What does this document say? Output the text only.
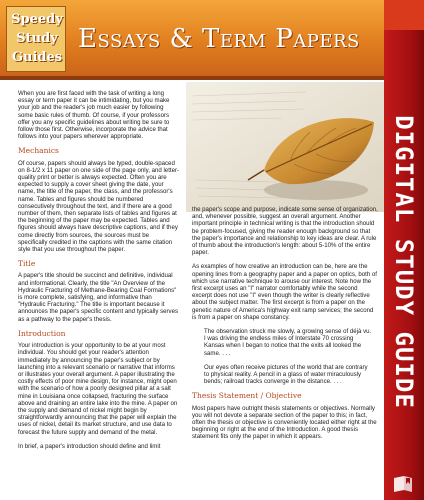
Speedy
Study
Guides
Essays & Term Papers
DIGITAL STUDY GUIDE

When you are first faced with the task of writing a long essay or term paper it can be intimidating, but you make your job and the reader's job much easier by following some basic rules of thumb. Of course, if your professors offer you any specific guidelines about writing be sure to follow those first. Otherwise, incorporate the advice that follows into your papers wherever appropriate.

Mechanics

Of course, papers should always be typed, double-spaced on 8-1/2 x 11 paper on one side of the page only, and letter-quality print or better is always expected. Often you are expected to supply a cover sheet giving the date, your name, the title of the paper, the class, and the professor's name. Tables and figures should be numbered consecutively throughout the text, and if there are a good number of them, then separate lists of tables and figures at the beginning of the paper may be expected. Tables and figures should always have descriptive captions, and if they come directly from sources, the sources must be specifically credited in the captions with the same citation style that you use throughout the paper.

Title

A paper's title should be succinct and definitive, individual and informational. Clearly, the title "An Overview of the Hydraulic Fracturing of Methane-Bearing Coal Formations" is more complete, satisfying, and informative than "Hydraulic Fracturing." The title is important because it announces the paper's specific content and typically serves as a pathway to the paper's thesis.

Introduction

Your introduction is your opportunity to be at your most individual. You should get your reader's attention immediately by announcing the paper's subject or by launching into a relevant scenario or narrative that informs or illustrates your overall argument. A paper illustrating the costly effects of poor mine design, for instance, might open with the scenario of how a poorly designed pillar at a salt mine in Louisiana once collapsed, fracturing the surface above and draining an entire lake into the mine. A paper on the supply and demand of nickel might begin by straightforwardly announcing that the paper will explain the uses of nickel, detail its market structure, and use data to forecast the future supply and demand of the metal.

In brief, a paper's introduction should define and limit

the paper's scope and purpose, indicate some sense of organization, and, whenever possible, suggest an overall argument. Another important principle in technical writing is that the introduction should be problem-focused, giving the reader enough background so that the paper's importance and relationship to key ideas are clear. A rule of thumb about the introduction's length: about 5-10% of the entire paper.

As examples of how creative an introduction can be, here are the opening lines from a geography paper and a paper on optics, both of which use narrative technique to arouse our interest. Note how the first excerpt uses an "I" narrator comfortably while the second excerpt does not use "I" even though the writer is clearly reflective about the subject matter. The first excerpt is from a paper on the genetic nature of America's highway exit ramp services; the second is from a paper on shape constancy.

The observation struck me slowly, a growing sense of déjà vu. I was driving the endless miles of Interstate 70 crossing Kansas when I began to notice that the exits all looked the same. . . .

Our eyes often receive pictures of the world that are contrary to physical reality. A pencil in a glass of water miraculously bends; railroad tracks converge in the distance. . . .

Thesis Statement / Objective

Most papers have outright thesis statements or objectives. Normally you will not devote a separate section of the paper to this; in fact, often the thesis or objective is conveniently located either right at the beginning or right at the end of the Introduction. A good thesis statement fits only the paper in which it appears.
